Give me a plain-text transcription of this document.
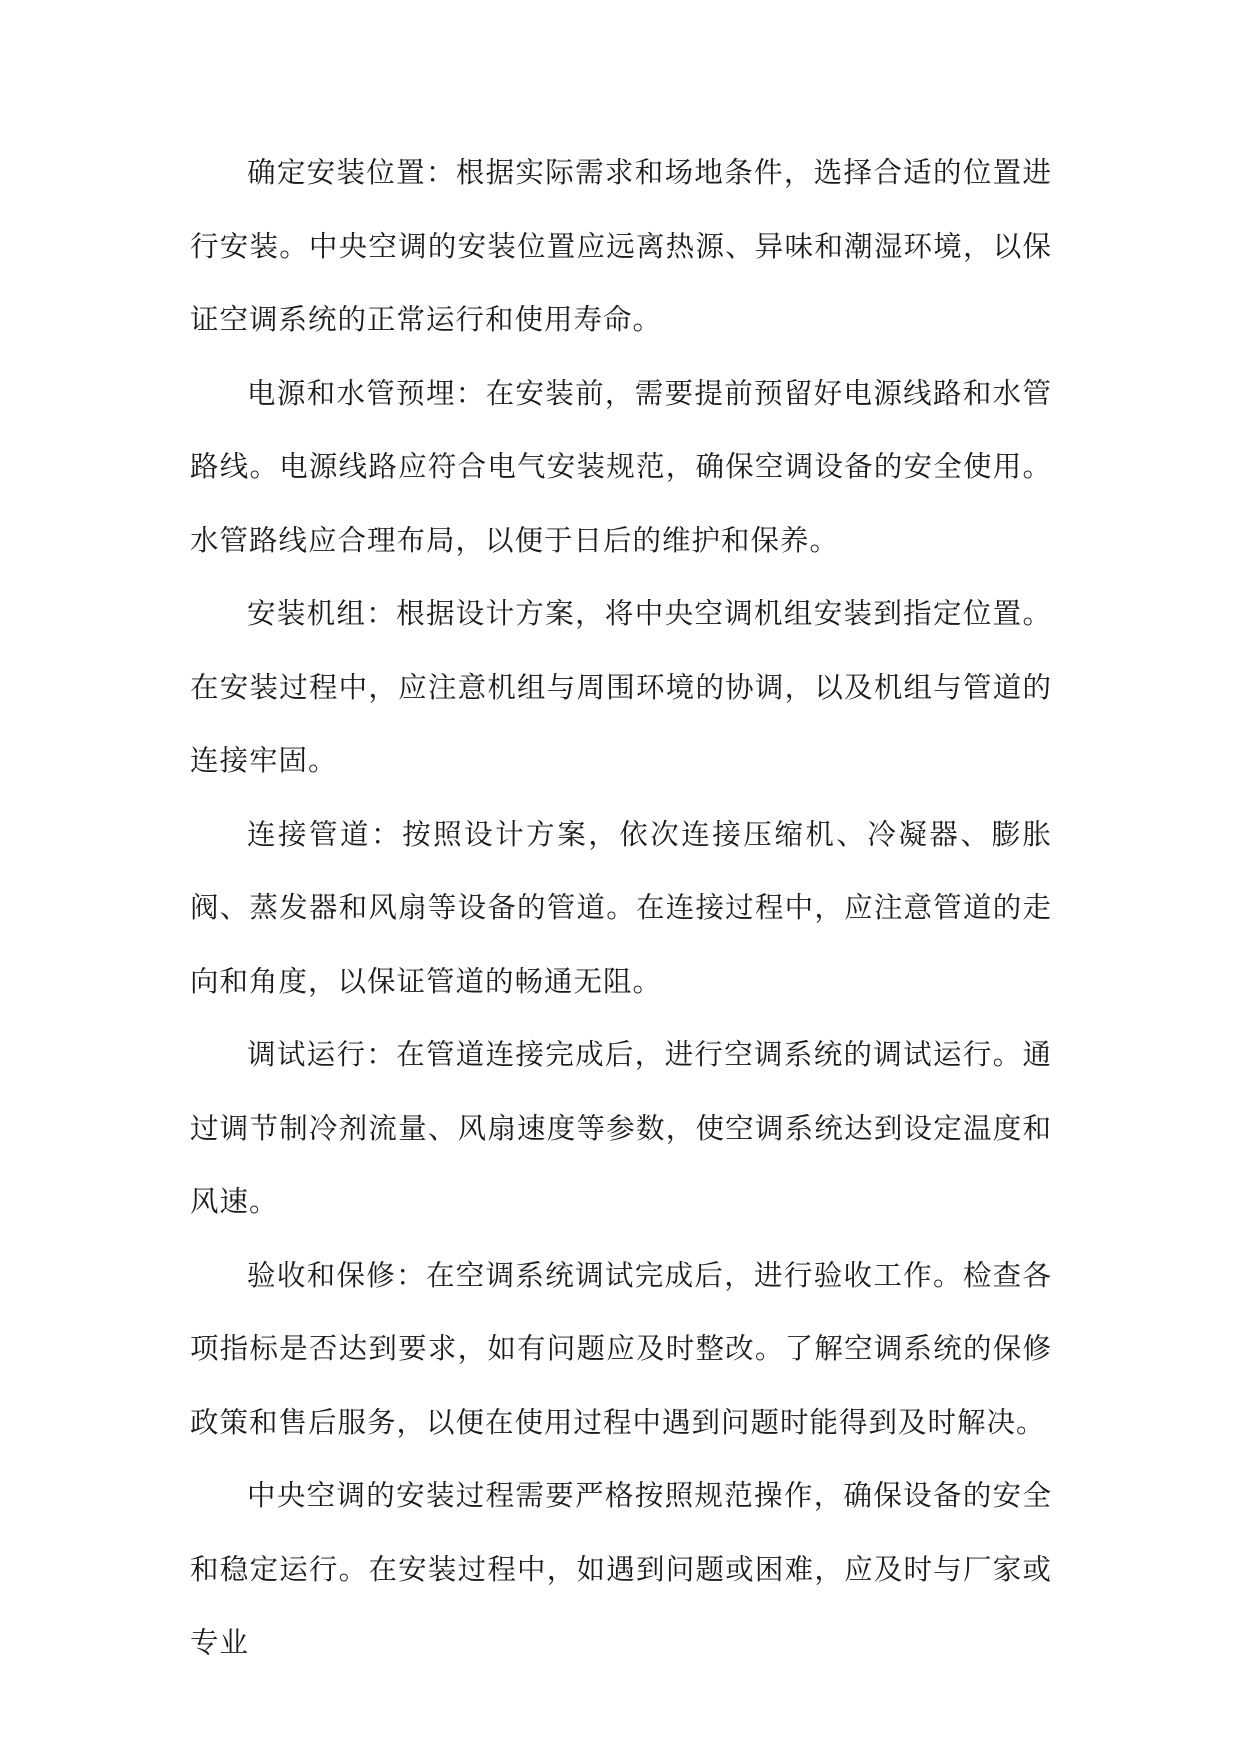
确定安装位置：根据实际需求和场地条件，选择合适的位置进行安装。中央空调的安装位置应远离热源、异味和潮湿环境，以保证空调系统的正常运行和使用寿命。

电源和水管预埋：在安装前，需要提前预留好电源线路和水管路线。电源线路应符合电气安装规范，确保空调设备的安全使用。水管路线应合理布局，以便于日后的维护和保养。

安装机组：根据设计方案，将中央空调机组安装到指定位置。在安装过程中，应注意机组与周围环境的协调，以及机组与管道的连接牢固。

连接管道：按照设计方案，依次连接压缩机、冷凝器、膨胀阀、蒸发器和风扇等设备的管道。在连接过程中，应注意管道的走向和角度，以保证管道的畅通无阻。

调试运行：在管道连接完成后，进行空调系统的调试运行。通过调节制冷剂流量、风扇速度等参数，使空调系统达到设定温度和风速。

验收和保修：在空调系统调试完成后，进行验收工作。检查各项指标是否达到要求，如有问题应及时整改。了解空调系统的保修政策和售后服务，以便在使用过程中遇到问题时能得到及时解决。

中央空调的安装过程需要严格按照规范操作，确保设备的安全和稳定运行。在安装过程中，如遇到问题或困难，应及时与厂家或专业
